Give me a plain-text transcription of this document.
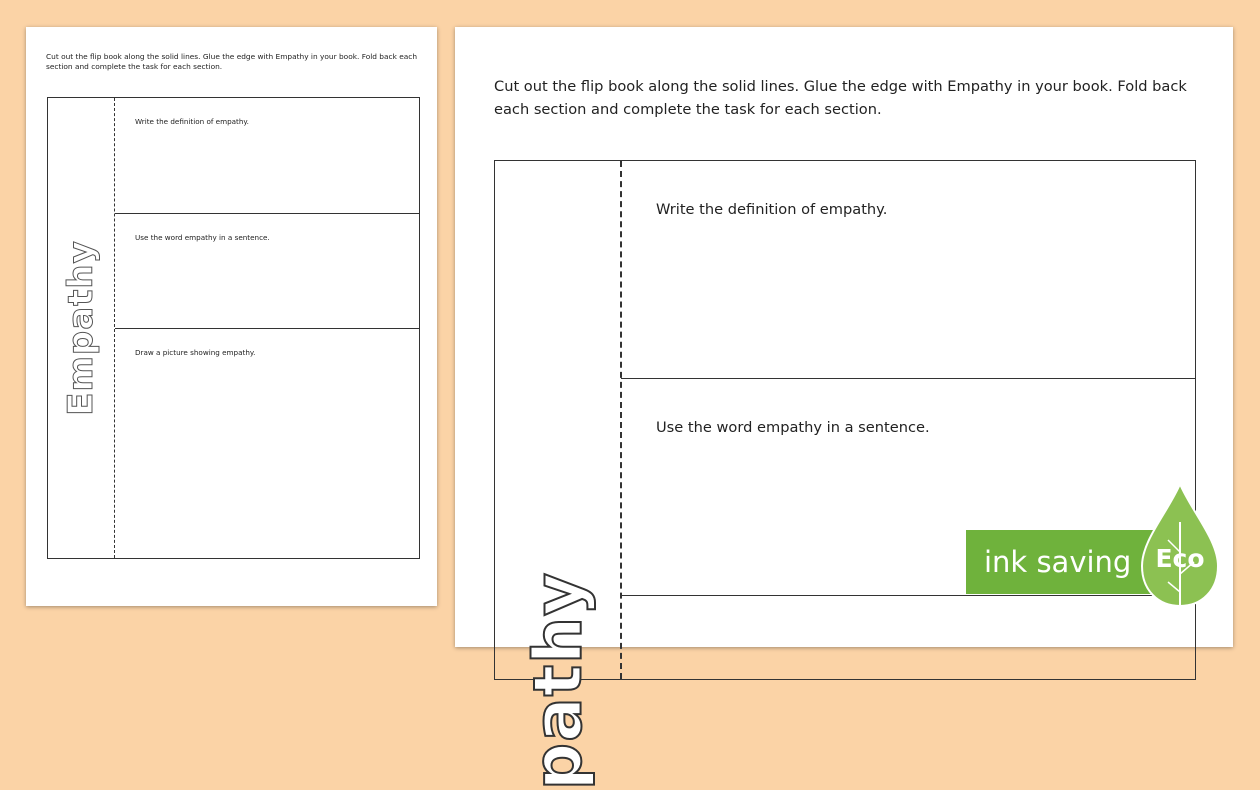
Cut out the flip book along the solid lines. Glue the edge with Empathy in your book. Fold back each section and complete the task for each section.

Empathy

Write the definition of empathy.

Use the word empathy in a sentence.

Draw a picture showing empathy.

Cut out the flip book along the solid lines. Glue the edge with Empathy in your book. Fold back each section and complete the task for each section.

pathy

Write the definition of empathy.

Use the word empathy in a sentence.

ink saving Eco
